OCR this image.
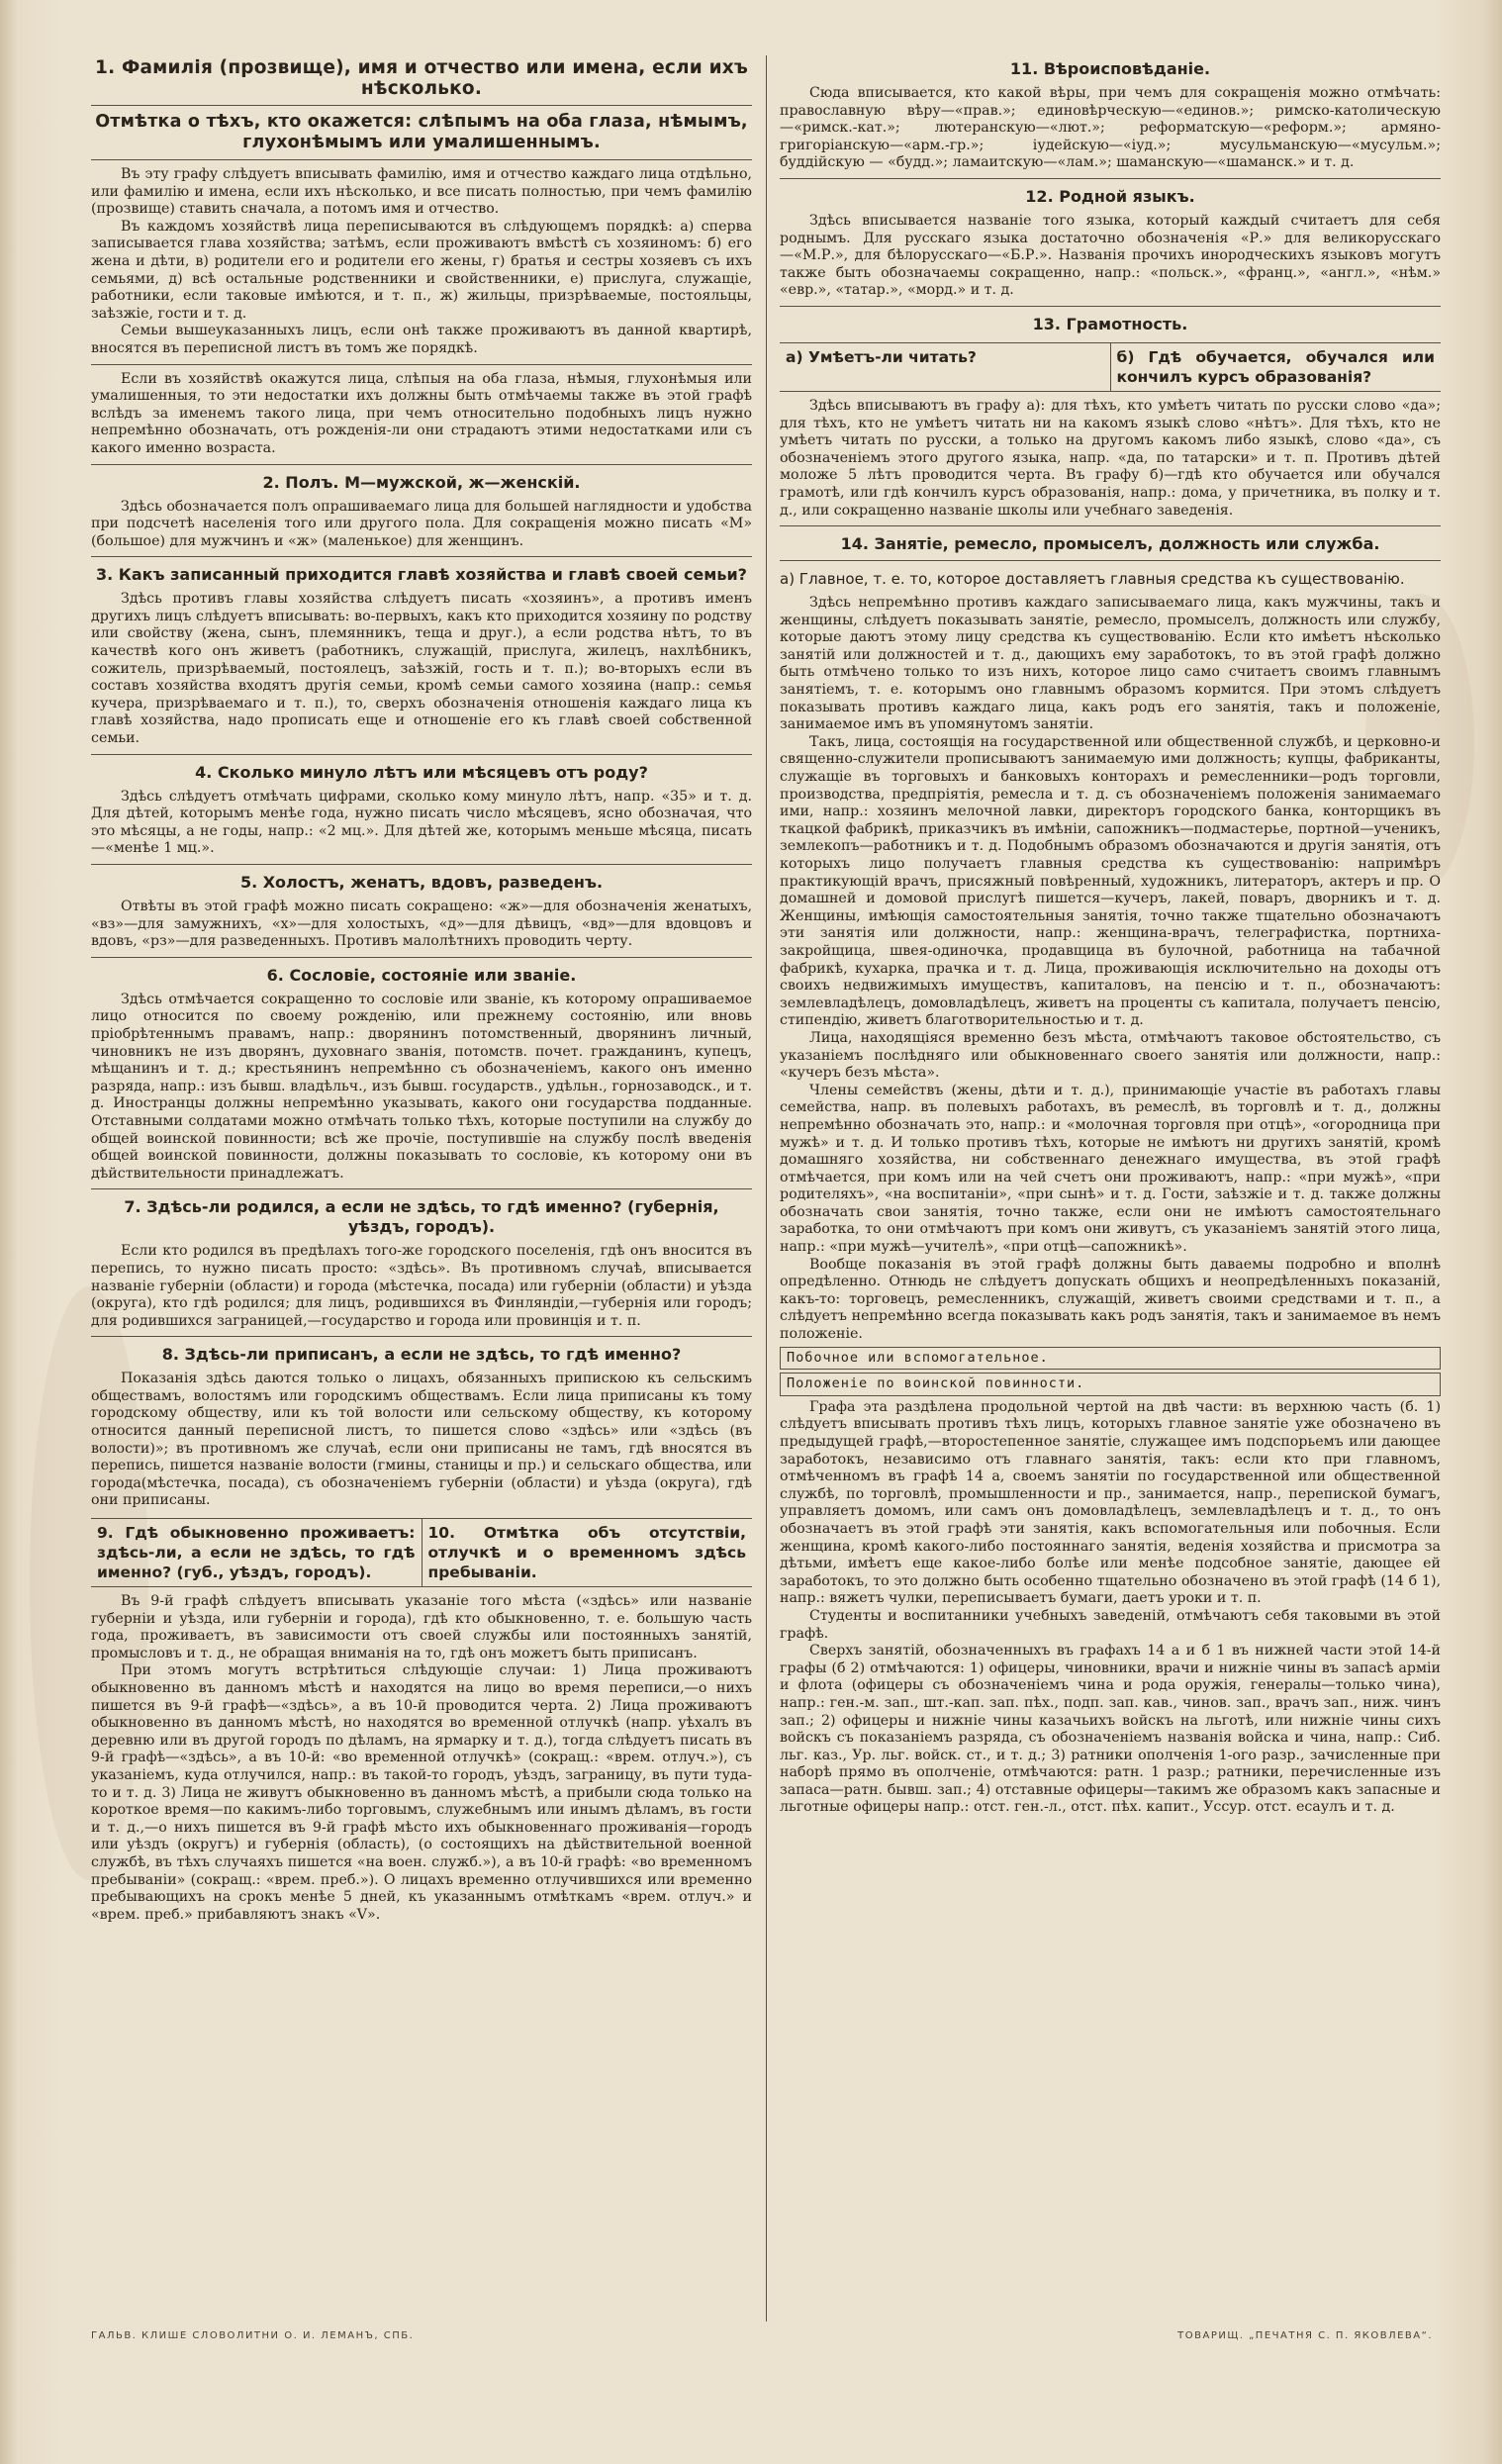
1. Фамилія (прозвище), имя и отчество или имена, если ихъ нѣсколько.
Отмѣтка о тѣхъ, кто окажется: слѣпымъ на оба глаза, нѣмымъ, глухонѣмымъ или умалишеннымъ.

Въ эту графу слѣдуетъ вписывать фамилію, имя и отчество каждаго лица отдѣльно, или фамилію и имена, если ихъ нѣсколько, и все писать полностью, при чемъ фамилію (прозвище) ставить сначала, а потомъ имя и отчество.

Въ каждомъ хозяйствѣ лица переписываются въ слѣдующемъ порядкѣ: а) сперва записывается глава хозяйства; затѣмъ, если проживаютъ вмѣстѣ съ хозяиномъ: б) его жена и дѣти, в) родители его и родители его жены, г) братья и сестры хозяевъ съ ихъ семьями, д) всѣ остальные родственники и свойственники, е) прислуга, служащіе, работники, если таковые имѣются, и т. п., ж) жильцы, призрѣваемые, постояльцы, заѣзжіе, гости и т. д.

Семьи вышеуказанныхъ лицъ, если онѣ также проживаютъ въ данной квартирѣ, вносятся въ переписной листъ въ томъ же порядкѣ.

Если въ хозяйствѣ окажутся лица, слѣпыя на оба глаза, нѣмыя, глухонѣмыя или умалишенныя, то эти недостатки ихъ должны быть отмѣчаемы также въ этой графѣ вслѣдъ за именемъ такого лица, при чемъ относительно подобныхъ лицъ нужно непремѣнно обозначать, отъ рожденія-ли они страдаютъ этими недостатками или съ какого именно возраста.

2. Полъ. М—мужской, ж—женскій.

Здѣсь обозначается полъ опрашиваемаго лица для большей наглядности и удобства при подсчетѣ населенія того или другого пола. Для сокращенія можно писать «М» (большое) для мужчинъ и «ж» (маленькое) для женщинъ.

3. Какъ записанный приходится главѣ хозяйства и главѣ своей семьи?

Здѣсь противъ главы хозяйства слѣдуетъ писать «хозяинъ», а противъ именъ другихъ лицъ слѣдуетъ вписывать: во-первыхъ, какъ кто приходится хозяину по родству или свойству (жена, сынъ, племянникъ, теща и друг.), а если родства нѣтъ, то въ качествѣ кого онъ живетъ (работникъ, служащій, прислуга, жилецъ, нахлѣбникъ, сожитель, призрѣваемый, постоялецъ, заѣзжій, гость и т. п.); во-вторыхъ если въ составъ хозяйства входятъ другія семьи, кромѣ семьи самого хозяина (напр.: семья кучера, призрѣваемаго и т. п.), то, сверхъ обозначенія отношенія каждаго лица къ главѣ хозяйства, надо прописать еще и отношеніе его къ главѣ своей собственной семьи.

4. Сколько минуло лѣтъ или мѣсяцевъ отъ роду?

Здѣсь слѣдуетъ отмѣчать цифрами, сколько кому минуло лѣтъ, напр. «35» и т. д. Для дѣтей, которымъ менѣе года, нужно писать число мѣсяцевъ, ясно обозначая, что это мѣсяцы, а не годы, напр.: «2 мц.». Для дѣтей же, которымъ меньше мѣсяца, писать—«менѣе 1 мц.».

5. Холостъ, женатъ, вдовъ, разведенъ.

Отвѣты въ этой графѣ можно писать сокращено: «ж»—для обозначенія женатыхъ, «вз»—для замужнихъ, «х»—для холостыхъ, «д»—для дѣвицъ, «вд»—для вдовцовъ и вдовъ, «рз»—для разведенныхъ. Противъ малолѣтнихъ проводить черту.

6. Сословіе, состояніе или званіе.

Здѣсь отмѣчается сокращенно то сословіе или званіе, къ которому опрашиваемое лицо относится по своему рожденію, или прежнему состоянію, или вновь пріобрѣтеннымъ правамъ, напр.: дворянинъ потомственный, дворянинъ личный, чиновникъ не изъ дворянъ, духовнаго званія, потомств. почет. гражданинъ, купецъ, мѣщанинъ и т. д.; крестьянинъ непремѣнно съ обозначеніемъ, какого онъ именно разряда, напр.: изъ бывш. владѣльч., изъ бывш. государств., удѣльн., горнозаводск., и т. д. Иностранцы должны непремѣнно указывать, какого они государства подданные. Отставными солдатами можно отмѣчать только тѣхъ, которые поступили на службу до общей воинской повинности; всѣ же прочіе, поступившіе на службу послѣ введенія общей воинской повинности, должны показывать то сословіе, къ которому они въ дѣйствительности принадлежатъ.

7. Здѣсь-ли родился, а если не здѣсь, то гдѣ именно? (губернія, уѣздъ, городъ).

Если кто родился въ предѣлахъ того-же городского поселенія, гдѣ онъ вносится въ перепись, то нужно писать просто: «здѣсь». Въ противномъ случаѣ, вписывается названіе губерніи (области) и города (мѣстечка, посада) или губерніи (области) и уѣзда (округа), кто гдѣ родился; для лицъ, родившихся въ Финляндіи,—губернія или городъ; для родившихся заграницей,—государство и города или провинція и т. п.

8. Здѣсь-ли приписанъ, а если не здѣсь, то гдѣ именно?

Показанія здѣсь даются только о лицахъ, обязанныхъ припискою къ сельскимъ обществамъ, волостямъ или городскимъ обществамъ. Если лица приписаны къ тому городскому обществу, или къ той волости или сельскому обществу, къ которому относится данный переписной листъ, то пишется слово «здѣсь» или «здѣсь (въ волости)»; въ противномъ же случаѣ, если они приписаны не тамъ, гдѣ вносятся въ перепись, пишется названіе волости (гмины, станицы и пр.) и сельскаго общества, или города(мѣстечка, посада), съ обозначеніемъ губерніи (области) и уѣзда (округа), гдѣ они приписаны.

9. Гдѣ обыкновенно проживаетъ: здѣсь-ли, а если не здѣсь, то гдѣ именно? (губ., уѣздъ, городъ).
10. Отмѣтка объ отсутствіи, отлучкѣ и о временномъ здѣсь пребываніи.

Въ 9-й графѣ слѣдуетъ вписывать указаніе того мѣста («здѣсь» или названіе губерніи и уѣзда, или губерніи и города), гдѣ кто обыкновенно, т. е. большую часть года, проживаетъ, въ зависимости отъ своей службы или постоянныхъ занятій, промысловъ и т. д., не обращая вниманія на то, гдѣ онъ можетъ быть приписанъ.

При этомъ могутъ встрѣтиться слѣдующіе случаи: 1) Лица проживаютъ обыкновенно въ данномъ мѣстѣ и находятся на лицо во время переписи,—о нихъ пишется въ 9-й графѣ—«здѣсь», а въ 10-й проводится черта. 2) Лица проживаютъ обыкновенно въ данномъ мѣстѣ, но находятся во временной отлучкѣ (напр. уѣхалъ въ деревню или въ другой городъ по дѣламъ, на ярмарку и т. д.), тогда слѣдуетъ писать въ 9-й графѣ—«здѣсь», а въ 10-й: «во временной отлучкѣ» (сокращ.: «врем. отлуч.»), съ указаніемъ, куда отлучился, напр.: въ такой-то городъ, уѣздъ, заграницу, въ пути туда-то и т. д. 3) Лица не живутъ обыкновенно въ данномъ мѣстѣ, а прибыли сюда только на короткое время—по какимъ-либо торговымъ, служебнымъ или инымъ дѣламъ, въ гости и т. д.,—о нихъ пишется въ 9-й графѣ мѣсто ихъ обыкновеннаго проживанія—городъ или уѣздъ (округъ) и губернія (область), (о состоящихъ на дѣйствительной военной службѣ, въ тѣхъ случаяхъ пишется «на воен. служб.»), а въ 10-й графѣ: «во временномъ пребываніи» (сокращ.: «врем. преб.»). О лицахъ временно отлучившихся или временно пребывающихъ на срокъ менѣе 5 дней, къ указаннымъ отмѣткамъ «врем. отлуч.» и «врем. преб.» прибавляютъ знакъ «V».

11. Вѣроисповѣданіе.

Сюда вписывается, кто какой вѣры, при чемъ для сокращенія можно отмѣчать: православную вѣру—«прав.»; единовѣрческую—«единов.»; римско-католическую—«римск.-кат.»; лютеранскую—«лют.»; реформатскую—«реформ.»; армяно-григоріанскую—«арм.-гр.»; іудейскую—«іуд.»; мусульманскую—«мусульм.»; буддійскую — «будд.»; ламаитскую—«лам.»; шаманскую—«шаманск.» и т. д.

12. Родной языкъ.

Здѣсь вписывается названіе того языка, который каждый считаетъ для себя роднымъ. Для русскаго языка достаточно обозначенія «Р.» для великорусскаго—«М.Р.», для бѣлорусскаго—«Б.Р.». Названія прочихъ инородческихъ языковъ могутъ также быть обозначаемы сокращенно, напр.: «польск.», «франц.», «англ.», «нѣм.» «евр.», «татар.», «морд.» и т. д.

13. Грамотность.
а) Умѣетъ-ли читать?	б) Гдѣ обучается, обучался или кончилъ курсъ образованія?

Здѣсь вписываютъ въ графу а): для тѣхъ, кто умѣетъ читать по русски слово «да»; для тѣхъ, кто не умѣетъ читать ни на какомъ языкѣ слово «нѣтъ». Для тѣхъ, кто не умѣетъ читать по русски, а только на другомъ какомъ либо языкѣ, слово «да», съ обозначеніемъ этого другого языка, напр. «да, по татарски» и т. п. Противъ дѣтей моложе 5 лѣтъ проводится черта. Въ графу б)—гдѣ кто обучается или обучался грамотѣ, или гдѣ кончилъ курсъ образованія, напр.: дома, у причетника, въ полку и т. д., или сокращенно названіе школы или учебнаго заведенія.

14. Занятіе, ремесло, промыселъ, должность или служба.
а) Главное, т. е. то, которое доставляетъ главныя средства къ существованію.

Здѣсь непремѣнно противъ каждаго записываемаго лица, какъ мужчины, такъ и женщины, слѣдуетъ показывать занятіе, ремесло, промыселъ, должность или службу, которые даютъ этому лицу средства къ существованію. Если кто имѣетъ нѣсколько занятій или должностей и т. д., дающихъ ему заработокъ, то въ этой графѣ должно быть отмѣчено только то изъ нихъ, которое лицо само считаетъ своимъ главнымъ занятіемъ, т. е. которымъ оно главнымъ образомъ кормится. При этомъ слѣдуетъ показывать противъ каждаго лица, какъ родъ его занятія, такъ и положеніе, занимаемое имъ въ упомянутомъ занятіи.

Такъ, лица, состоящія на государственной или общественной службѣ, и церковно-и священно-служители прописываютъ занимаемую ими должность; купцы, фабриканты, служащіе въ торговыхъ и банковыхъ конторахъ и ремесленники—родъ торговли, производства, предпріятія, ремесла и т. д. съ обозначеніемъ положенія занимаемаго ими, напр.: хозяинъ мелочной лавки, директоръ городского банка, конторщикъ въ ткацкой фабрикѣ, приказчикъ въ имѣніи, сапожникъ—подмастерье, портной—ученикъ, землекопъ—работникъ и т. д. Подобнымъ образомъ обозначаются и другія занятія, отъ которыхъ лицо получаетъ главныя средства къ существованію: напримѣръ практикующій врачъ, присяжный повѣренный, художникъ, литераторъ, актеръ и пр. О домашней и домовой прислугѣ пишется—кучеръ, лакей, поваръ, дворникъ и т. д. Женщины, имѣющія самостоятельныя занятія, точно также тщательно обозначаютъ эти занятія или должности, напр.: женщина-врачъ, телеграфистка, портниха-закройщица, швея-одиночка, продавщица въ булочной, работница на табачной фабрикѣ, кухарка, прачка и т. д. Лица, проживающія исключительно на доходы отъ своихъ недвижимыхъ имуществъ, капиталовъ, на пенсію и т. п., обозначаютъ: землевладѣлецъ, домовладѣлецъ, живетъ на проценты съ капитала, получаетъ пенсію, стипендію, живетъ благотворительностью и т. д.

Лица, находящіяся временно безъ мѣста, отмѣчаютъ таковое обстоятельство, съ указаніемъ послѣдняго или обыкновеннаго своего занятія или должности, напр.: «кучеръ безъ мѣста».

Члены семействъ (жены, дѣти и т. д.), принимающіе участіе въ работахъ главы семейства, напр. въ полевыхъ работахъ, въ ремеслѣ, въ торговлѣ и т. д., должны непремѣнно обозначать это, напр.: и «молочная торговля при отцѣ», «огородница при мужѣ» и т. д. И только противъ тѣхъ, которые не имѣютъ ни другихъ занятій, кромѣ домашняго хозяйства, ни собственнаго денежнаго имущества, въ этой графѣ отмѣчается, при комъ или на чей счетъ они проживаютъ, напр.: «при мужѣ», «при родителяхъ», «на воспитаніи», «при сынѣ» и т. д. Гости, заѣзжіе и т. д. также должны обозначать свои занятія, точно также, если они не имѣютъ самостоятельнаго заработка, то они отмѣчаютъ при комъ они живутъ, съ указаніемъ занятій этого лица, напр.: «при мужѣ—учителѣ», «при отцѣ—сапожникѣ».

Вообще показанія въ этой графѣ должны быть даваемы подробно и вполнѣ опредѣленно. Отнюдь не слѣдуетъ допускать общихъ и неопредѣленныхъ показаній, какъ-то: торговецъ, ремесленникъ, служащій, живетъ своими средствами и т. п., а слѣдуетъ непремѣнно всегда показывать какъ родъ занятія, такъ и занимаемое въ немъ положеніе.

Побочное или вспомогательное.
Положеніе по воинской повинности.

Графа эта раздѣлена продольной чертой на двѣ части: въ верхнюю часть (б. 1) слѣдуетъ вписывать противъ тѣхъ лицъ, которыхъ главное занятіе уже обозначено въ предыдущей графѣ,—второстепенное занятіе, служащее имъ подспорьемъ или дающее заработокъ, независимо отъ главнаго занятія, такъ: если кто при главномъ, отмѣченномъ въ графѣ 14 а, своемъ занятіи по государственной или общественной службѣ, по торговлѣ, промышленности и пр., занимается, напр., перепиской бумагъ, управляетъ домомъ, или самъ онъ домовладѣлецъ, землевладѣлецъ и т. д., то онъ обозначаетъ въ этой графѣ эти занятія, какъ вспомогательныя или побочныя. Если женщина, кромѣ какого-либо постояннаго занятія, веденія хозяйства и присмотра за дѣтьми, имѣетъ еще какое-либо болѣе или менѣе подсобное занятіе, дающее ей заработокъ, то это должно быть особенно тщательно обозначено въ этой графѣ (14 б 1), напр.: вяжетъ чулки, переписываетъ бумаги, даетъ уроки и т. п.

Студенты и воспитанники учебныхъ заведеній, отмѣчаютъ себя таковыми въ этой графѣ.

Сверхъ занятій, обозначенныхъ въ графахъ 14 а и б 1 въ нижней части этой 14-й графы (б 2) отмѣчаются: 1) офицеры, чиновники, врачи и нижніе чины въ запасѣ арміи и флота (офицеры съ обозначеніемъ чина и рода оружія, генералы—только чина), напр.: ген.-м. зап., шт.-кап. зап. пѣх., подп. зап. кав., чинов. зап., врачъ зап., ниж. чинъ зап.; 2) офицеры и нижніе чины казачьихъ войскъ на льготѣ, или нижніе чины сихъ войскъ съ показаніемъ разряда, съ обозначеніемъ названія войска и чина, напр.: Сиб. льг. каз., Ур. льг. войск. ст., и т. д.; 3) ратники ополченія 1-ого разр., зачисленные при наборѣ прямо въ ополченіе, отмѣчаются: ратн. 1 разр.; ратники, перечисленные изъ запаса—ратн. бывш. зап.; 4) отставные офицеры—такимъ же образомъ какъ запасные и льготные офицеры напр.: отст. ген.-л., отст. пѣх. капит., Уссур. отст. есаулъ и т. д.

ГАЛЬВ. КЛИШЕ СЛОВОЛИТНИ О. И. ЛЕМАНЪ, СПБ.	ТОВАРИЩ. „ПЕЧАТНЯ С. П. ЯКОВЛЕВА“.
